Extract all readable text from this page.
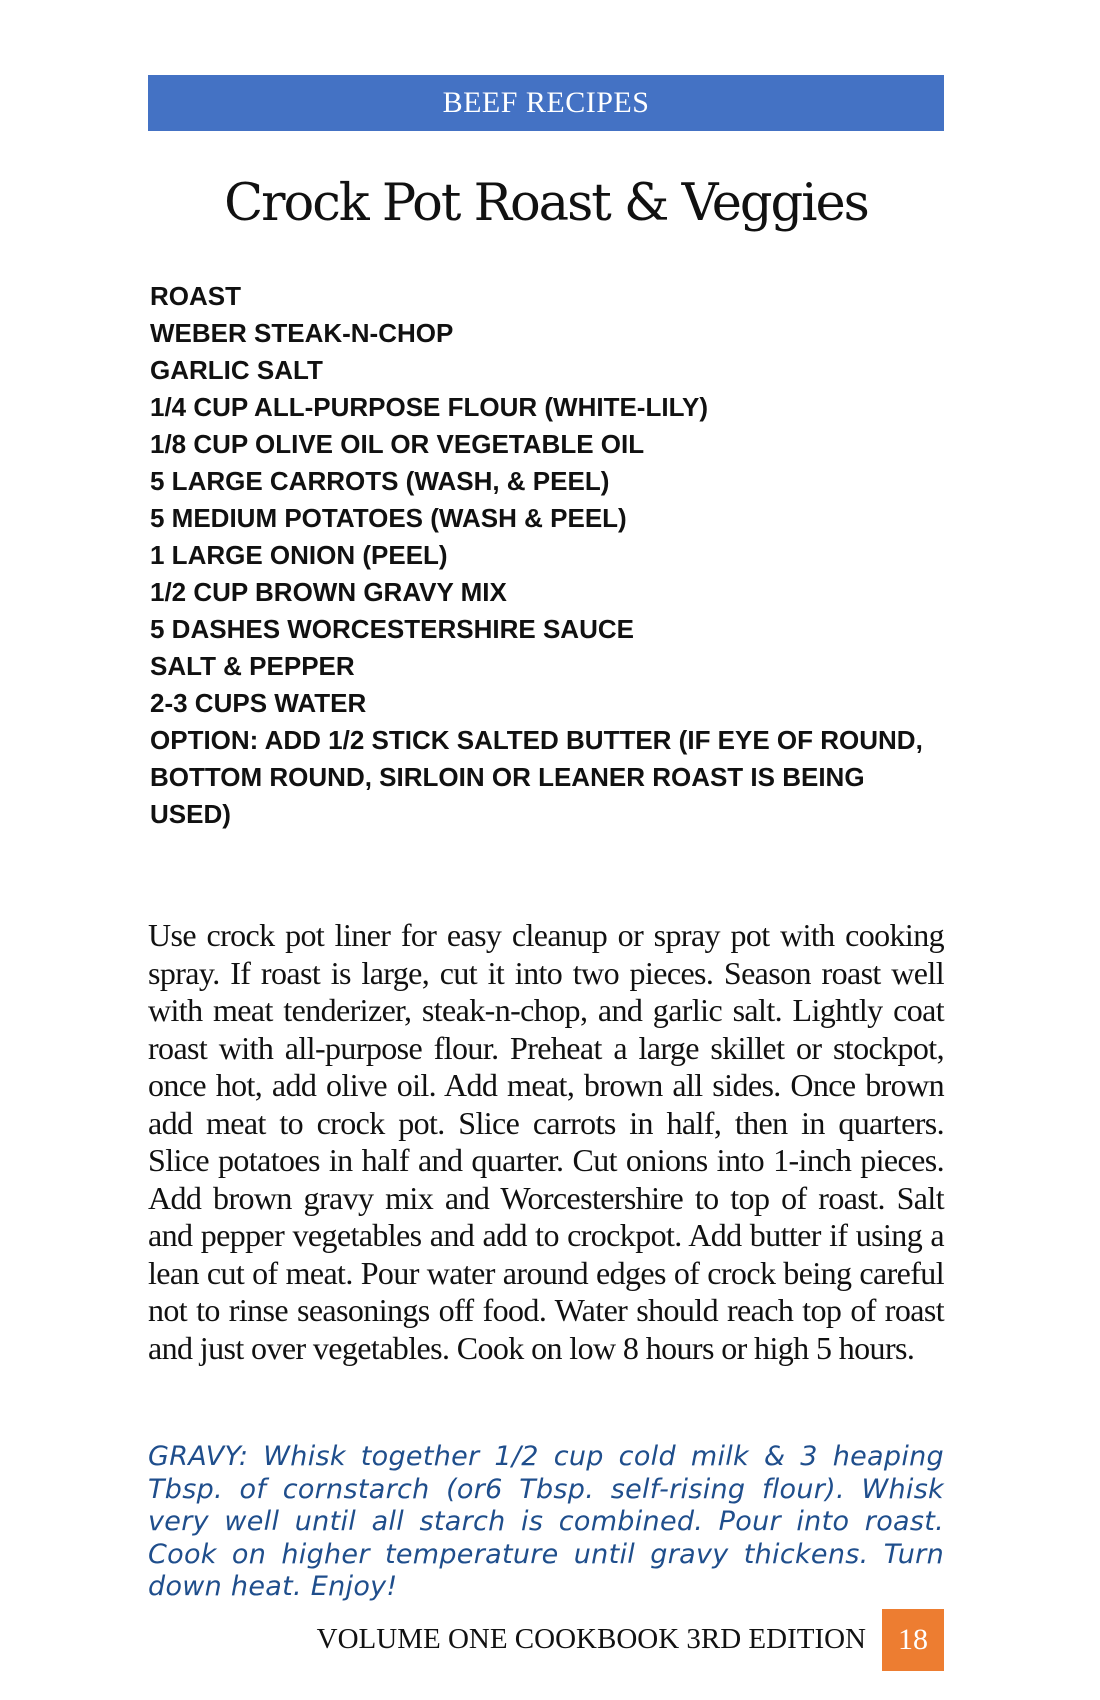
BEEF RECIPES
Crock Pot Roast & Veggies
ROAST
WEBER STEAK-N-CHOP
GARLIC SALT
1/4 CUP ALL-PURPOSE FLOUR (WHITE-LILY)
1/8 CUP OLIVE OIL OR VEGETABLE OIL
5 LARGE CARROTS (WASH, & PEEL)
5 MEDIUM POTATOES (WASH & PEEL)
1 LARGE ONION (PEEL)
1/2 CUP BROWN GRAVY MIX
5 DASHES WORCESTERSHIRE SAUCE
SALT & PEPPER
2-3 CUPS WATER
OPTION: ADD 1/2 STICK SALTED BUTTER (IF EYE OF ROUND, BOTTOM ROUND, SIRLOIN OR LEANER ROAST IS BEING USED)

Use crock pot liner for easy cleanup or spray pot with cooking spray. If roast is large, cut it into two pieces. Season roast well with meat tenderizer, steak-n-chop, and garlic salt. Lightly coat roast with all-purpose flour. Preheat a large skillet or stockpot, once hot, add olive oil. Add meat, brown all sides. Once brown add meat to crock pot. Slice carrots in half, then in quarters. Slice potatoes in half and quarter. Cut onions into 1-inch pieces. Add brown gravy mix and Worcestershire to top of roast. Salt and pepper vegetables and add to crockpot. Add butter if using a lean cut of meat. Pour water around edges of crock being careful not to rinse seasonings off food. Water should reach top of roast and just over vegetables. Cook on low 8 hours or high 5 hours.

GRAVY: Whisk together 1/2 cup cold milk & 3 heaping Tbsp. of cornstarch (or6 Tbsp. self-rising flour). Whisk very well until all starch is combined. Pour into roast. Cook on higher temperature until gravy thickens. Turn down heat. Enjoy!

VOLUME ONE COOKBOOK 3RD EDITION	18
